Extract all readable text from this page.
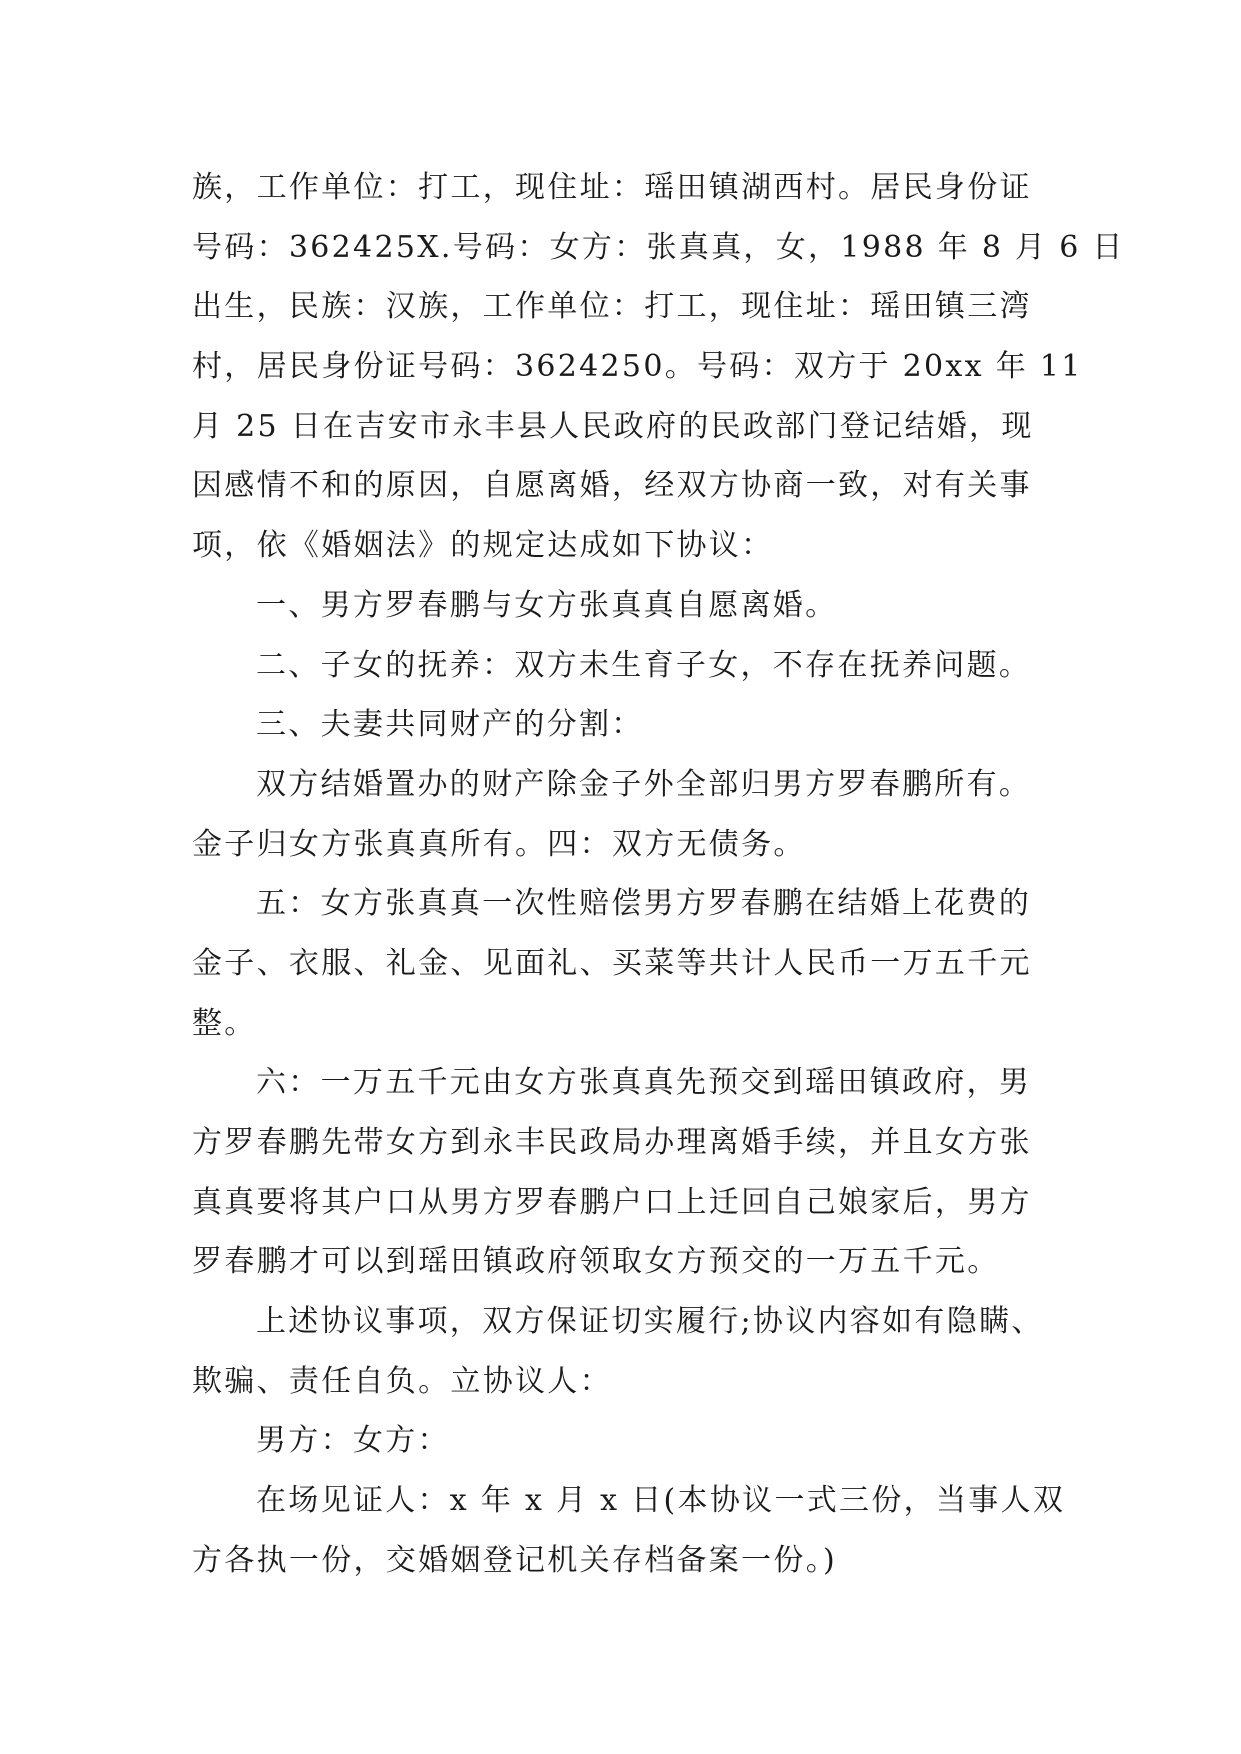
族，工作单位：打工，现住址：瑶田镇湖西村。居民身份证
号码：362425X.号码：女方：张真真，女，1988 年 8 月 6 日
出生，民族：汉族，工作单位：打工，现住址：瑶田镇三湾
村，居民身份证号码：3624250。号码：双方于 20xx 年 11
月 25 日在吉安市永丰县人民政府的民政部门登记结婚，现
因感情不和的原因，自愿离婚，经双方协商一致，对有关事
项，依《婚姻法》的规定达成如下协议：
一、男方罗春鹏与女方张真真自愿离婚。
二、子女的抚养：双方未生育子女，不存在抚养问题。
三、夫妻共同财产的分割：
双方结婚置办的财产除金子外全部归男方罗春鹏所有。
金子归女方张真真所有。四：双方无债务。
五：女方张真真一次性赔偿男方罗春鹏在结婚上花费的
金子、衣服、礼金、见面礼、买菜等共计人民币一万五千元
整。
六：一万五千元由女方张真真先预交到瑶田镇政府，男
方罗春鹏先带女方到永丰民政局办理离婚手续，并且女方张
真真要将其户口从男方罗春鹏户口上迁回自己娘家后，男方
罗春鹏才可以到瑶田镇政府领取女方预交的一万五千元。
上述协议事项，双方保证切实履行;协议内容如有隐瞒、
欺骗、责任自负。立协议人：
男方：女方：
在场见证人：x 年 x 月 x 日(本协议一式三份，当事人双
方各执一份，交婚姻登记机关存档备案一份。)
